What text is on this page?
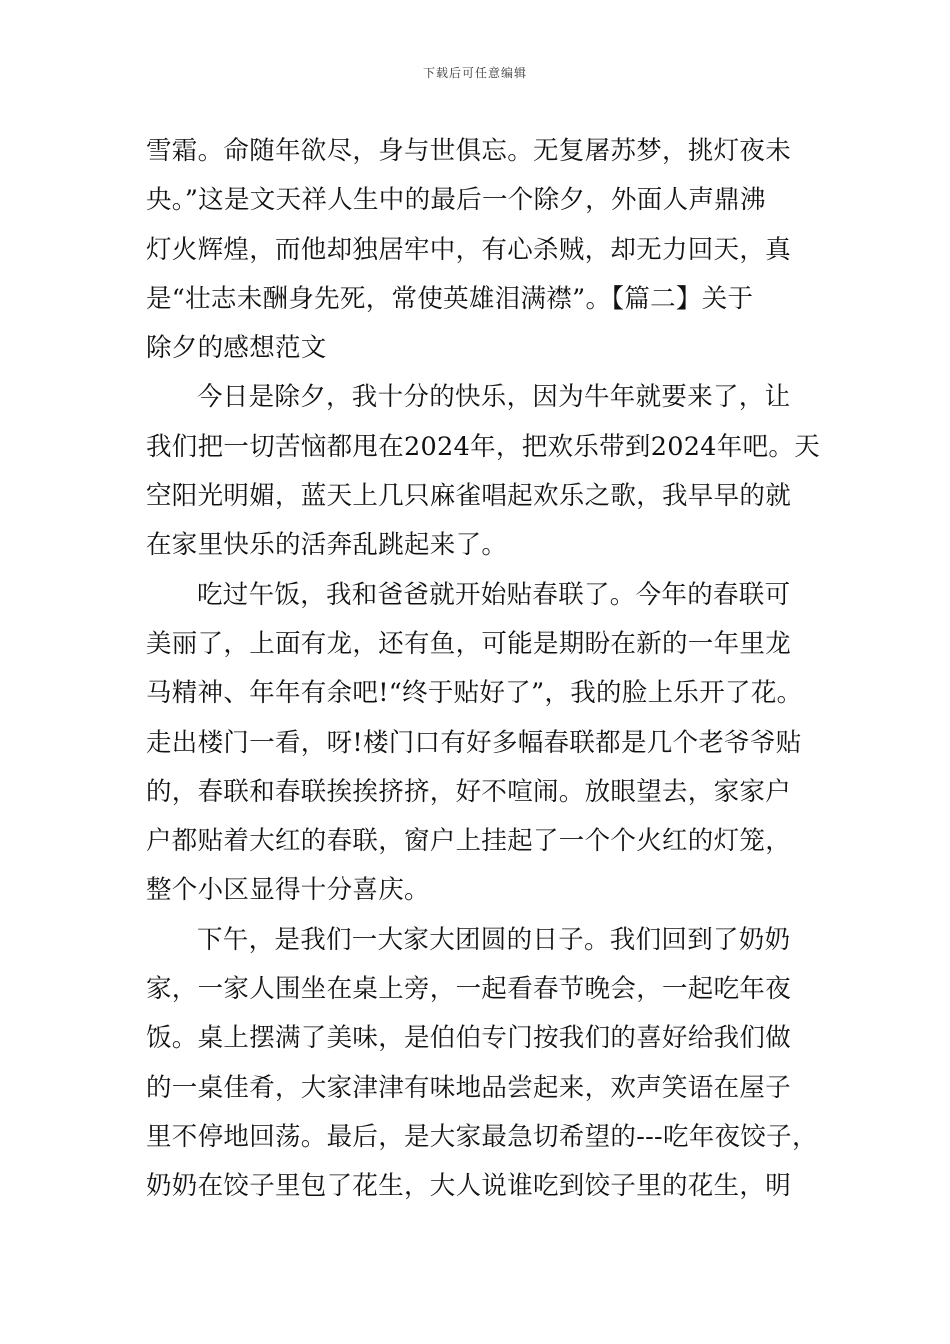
下载后可任意编辑
雪霜。命随年欲尽，身与世俱忘。无复屠苏梦，挑灯夜未
央。”这是文天祥人生中的最后一个除夕，外面人声鼎沸
灯火辉煌，而他却独居牢中，有心杀贼，却无力回天，真
是“壮志未酬身先死，常使英雄泪满襟”。【篇二】关于
除夕的感想范文
今日是除夕，我十分的快乐，因为牛年就要来了，让
我们把一切苦恼都甩在2024年，把欢乐带到2024年吧。天
空阳光明媚，蓝天上几只麻雀唱起欢乐之歌，我早早的就
在家里快乐的活奔乱跳起来了。
吃过午饭，我和爸爸就开始贴春联了。今年的春联可
美丽了，上面有龙，还有鱼，可能是期盼在新的一年里龙
马精神、年年有余吧!“终于贴好了”，我的脸上乐开了花。
走出楼门一看，呀!楼门口有好多幅春联都是几个老爷爷贴
的，春联和春联挨挨挤挤，好不喧闹。放眼望去，家家户
户都贴着大红的春联，窗户上挂起了一个个火红的灯笼，
整个小区显得十分喜庆。
下午，是我们一大家大团圆的日子。我们回到了奶奶
家，一家人围坐在桌上旁，一起看春节晚会，一起吃年夜
饭。桌上摆满了美味，是伯伯专门按我们的喜好给我们做
的一桌佳肴，大家津津有味地品尝起来，欢声笑语在屋子
里不停地回荡。最后，是大家最急切希望的---吃年夜饺子，
奶奶在饺子里包了花生，大人说谁吃到饺子里的花生，明
